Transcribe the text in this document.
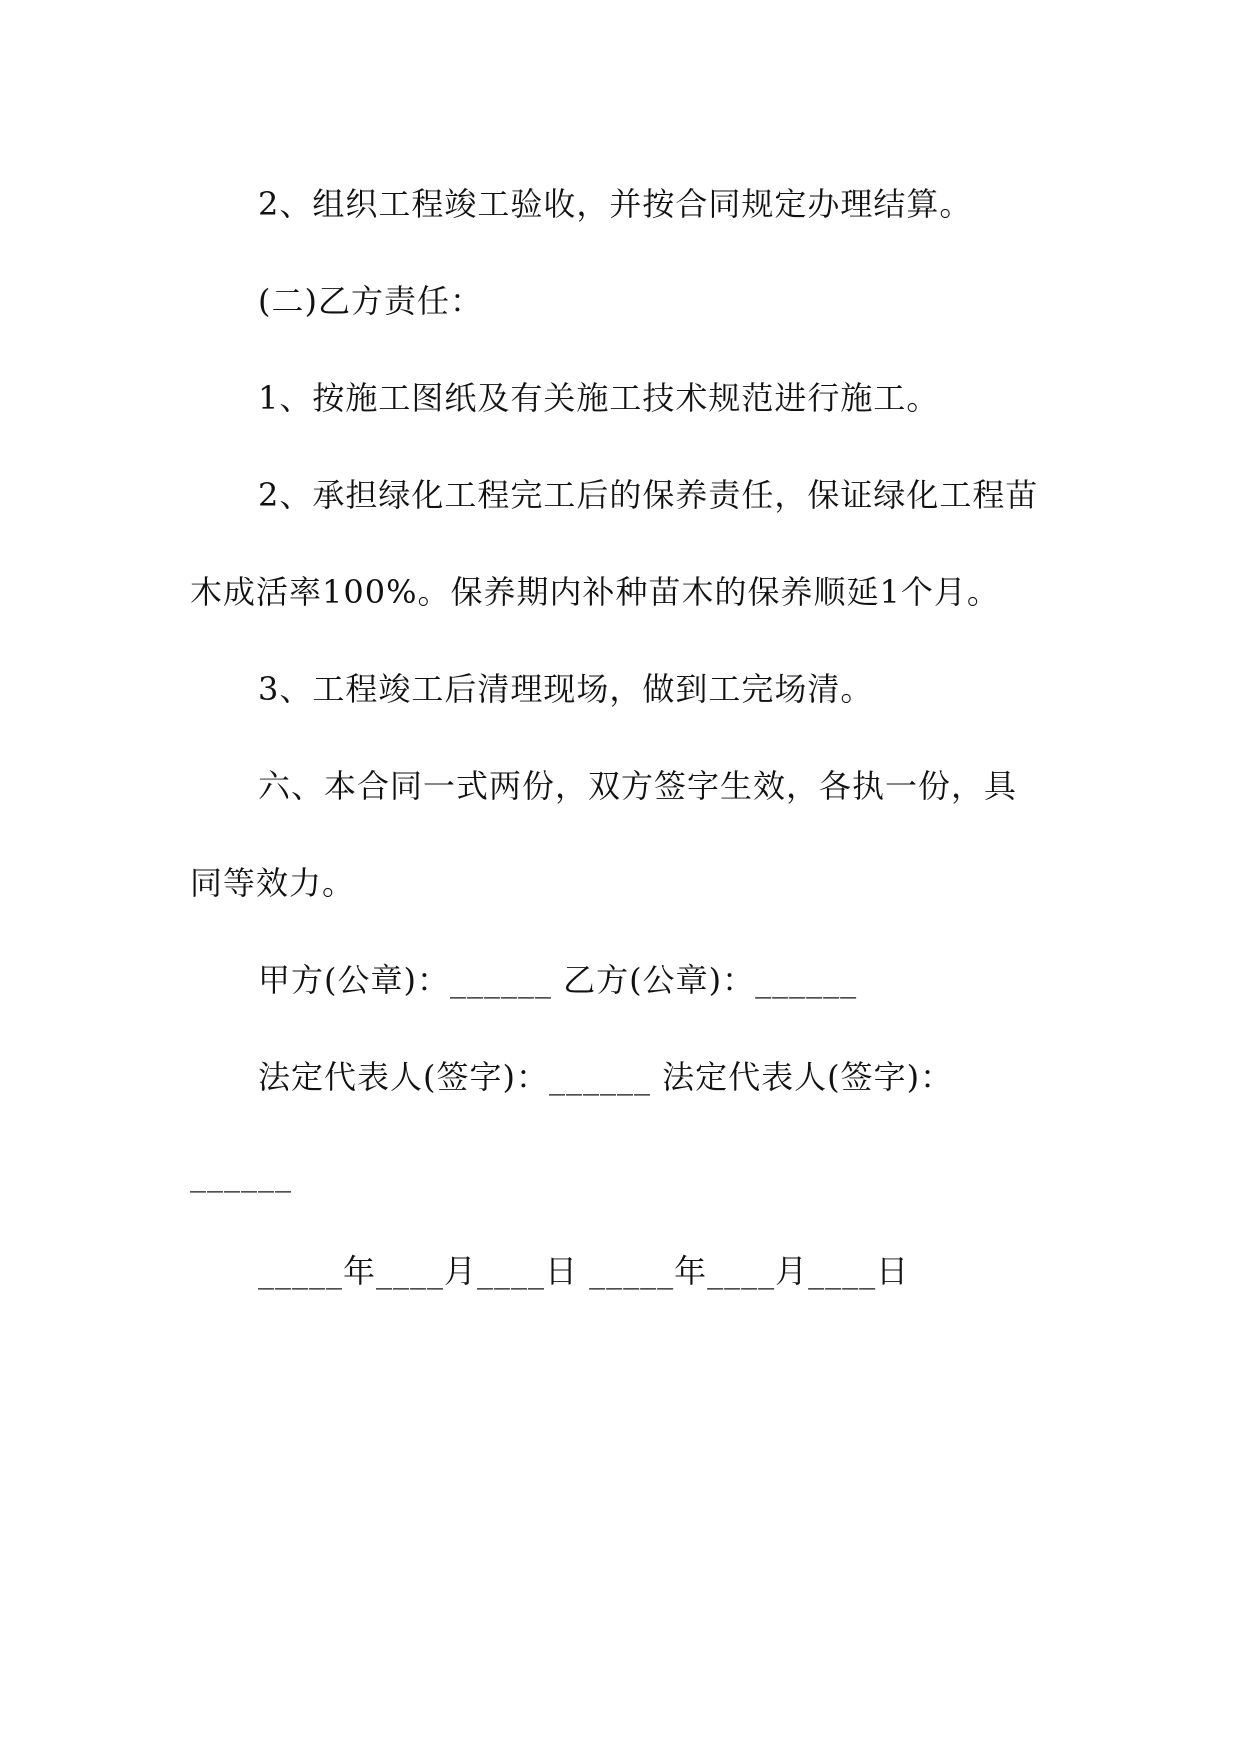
2、组织工程竣工验收，并按合同规定办理结算。
(二)乙方责任：
1、按施工图纸及有关施工技术规范进行施工。
2、承担绿化工程完工后的保养责任，保证绿化工程苗
木成活率100%。保养期内补种苗木的保养顺延1个月。
3、工程竣工后清理现场，做到工完场清。
六、本合同一式两份，双方签字生效，各执一份，具
同等效力。
甲方(公章)：______ 乙方(公章)：______
法定代表人(签字)：______ 法定代表人(签字)：
______
_____年____月____日 _____年____月____日
